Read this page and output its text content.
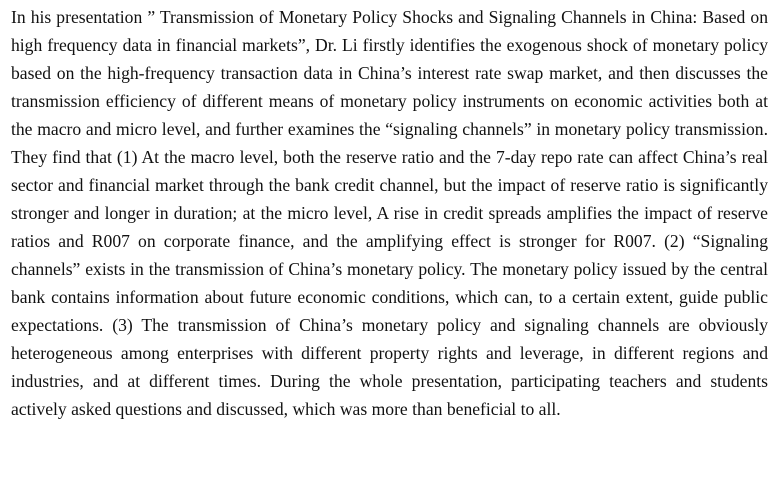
In his presentation ” Transmission of Monetary Policy Shocks and Signaling Channels in China: Based on high frequency data in financial markets”, Dr. Li firstly identifies the exogenous shock of monetary policy based on the high-frequency transaction data in China’s interest rate swap market, and then discusses the transmission efficiency of different means of monetary policy instruments on economic activities both at the macro and micro level, and further examines the “signaling channels” in monetary policy transmission. They find that (1) At the macro level, both the reserve ratio and the 7-day repo rate can affect China’s real sector and financial market through the bank credit channel, but the impact of reserve ratio is significantly stronger and longer in duration; at the micro level, A rise in credit spreads amplifies the impact of reserve ratios and R007 on corporate finance, and the amplifying effect is stronger for R007. (2) “Signaling channels” exists in the transmission of China’s monetary policy. The monetary policy issued by the central bank contains information about future economic conditions, which can, to a certain extent, guide public expectations. (3) The transmission of China’s monetary policy and signaling channels are obviously heterogeneous among enterprises with different property rights and leverage, in different regions and industries, and at different times. During the whole presentation, participating teachers and students actively asked questions and discussed, which was more than beneficial to all.
